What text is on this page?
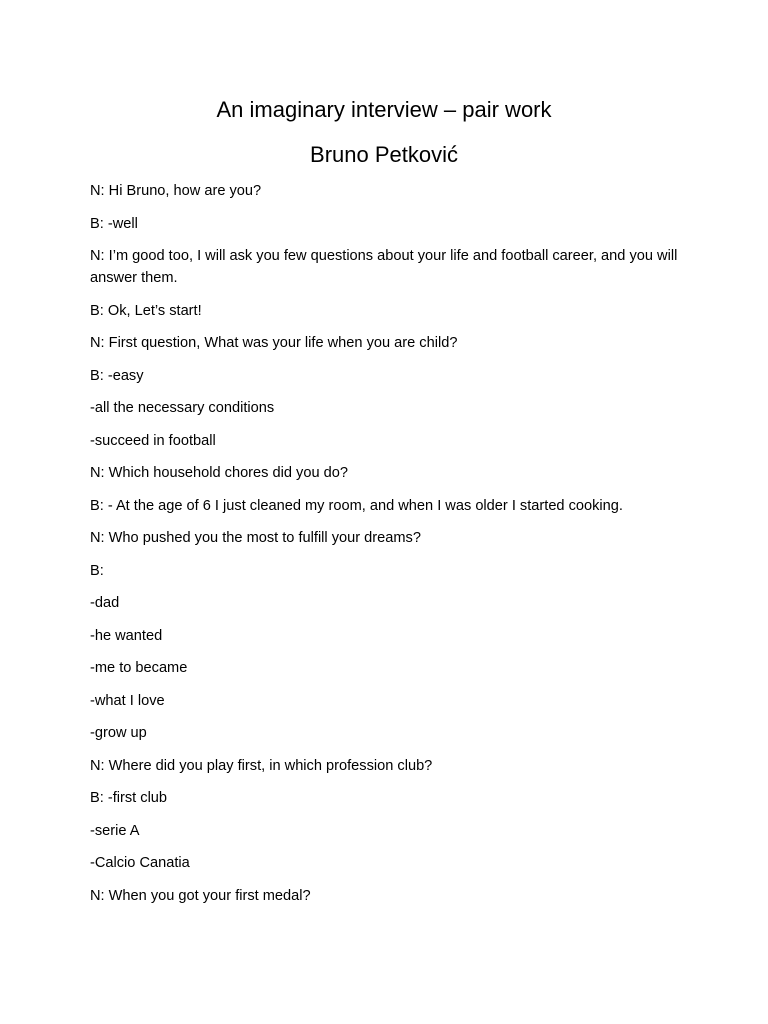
An imaginary interview – pair work
Bruno Petković
N: Hi Bruno, how are you?
B: -well
N: I’m good too, I will ask you few questions about your life and football career, and you will answer them.
B: Ok, Let’s start!
N: First question, What was your life when you are child?
B: -easy
-all the necessary conditions
-succeed in football
N: Which household chores did you do?
B: - At the age of 6 I just cleaned my room, and when I was older I started cooking.
N: Who pushed you the most to fulfill your dreams?
B:
-dad
-he wanted
-me to became
-what I love
-grow up
N: Where did you play first, in which profession club?
B: -first club
-serie A
-Calcio Canatia
N: When you got your first medal?
